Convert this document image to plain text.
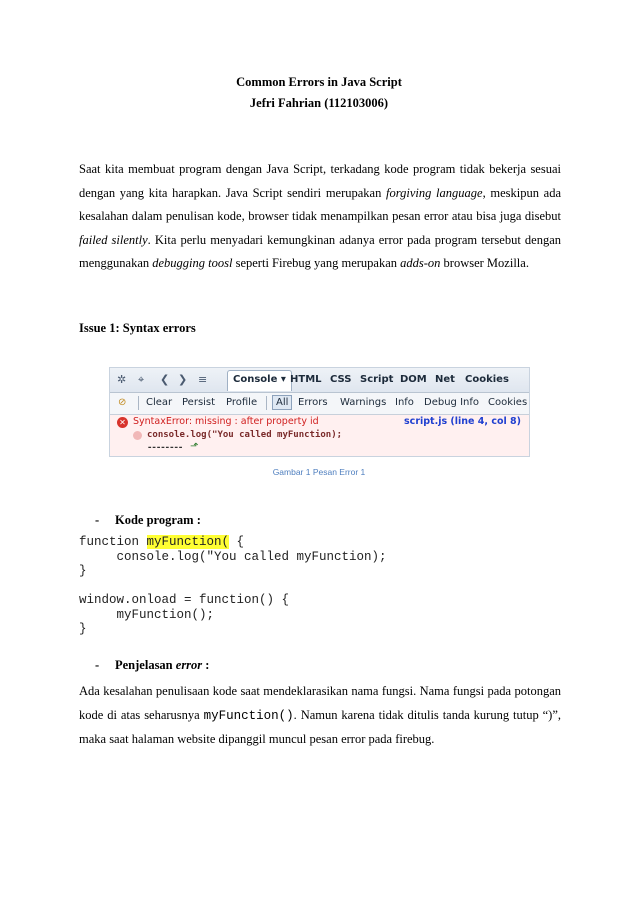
Common Errors in Java Script
Jefri Fahrian (112103006)
Saat kita membuat program dengan Java Script, terkadang kode program tidak bekerja sesuai dengan yang kita harapkan. Java Script sendiri merupakan forgiving language, meskipun ada kesalahan dalam penulisan kode, browser tidak menampilkan pesan error atau bisa juga disebut failed silently. Kita perlu menyadari kemungkinan adanya error pada program tersebut dengan menggunakan debugging toosl seperti Firebug yang merupakan adds-on browser Mozilla.
Issue 1: Syntax errors
✲ ⌖ ❮ ❯ ≡	Console ▾ HTML CSS Script DOM Net Cookies
⊘ Clear Persist Profile	All Errors Warnings Info Debug Info Cookies
✕ SyntaxError: missing : after property id	script.js (line 4, col 8)
console.log("You called myFunction);
-------- ⬏
Gambar 1 Pesan Error 1
- Kode program :
function myFunction( {
console.log("You called myFunction);
}

window.onload = function() {
myFunction();
}
- Penjelasan error :
Ada kesalahan penulisaan kode saat mendeklarasikan nama fungsi. Nama fungsi pada potongan kode di atas seharusnya myFunction(). Namun karena tidak ditulis tanda kurung tutup “)”, maka saat halaman website dipanggil muncul pesan error pada firebug.
